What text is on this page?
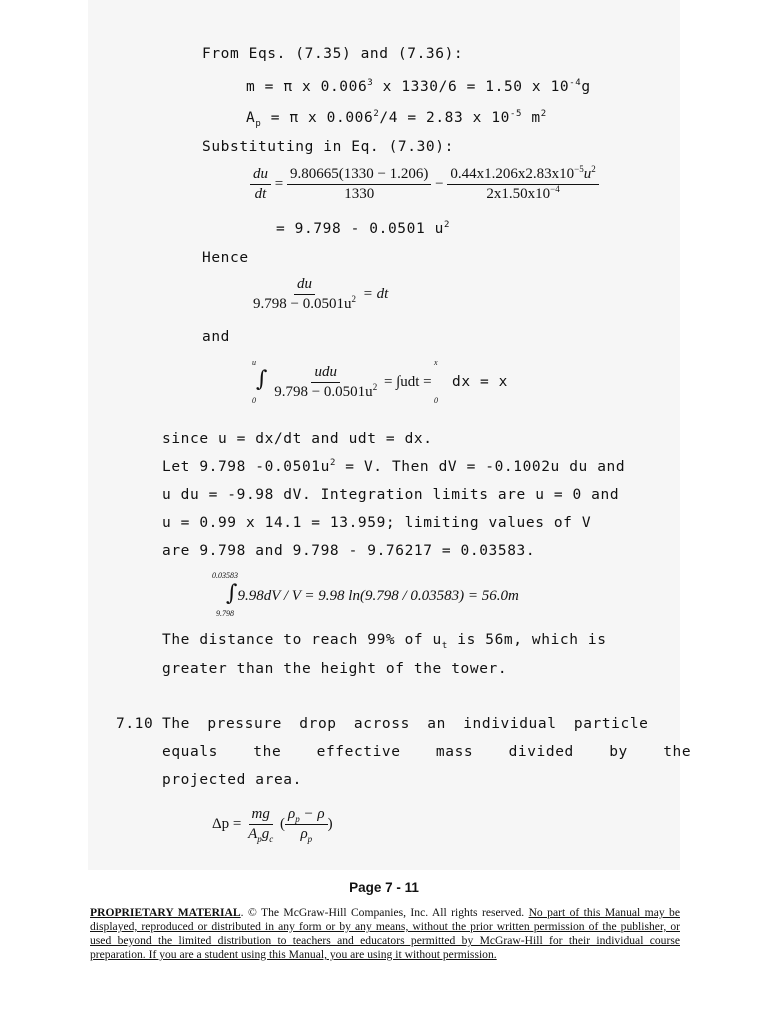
From Eqs. (7.35) and (7.36):
m = π x 0.006$^3$ x 1330/6 = 1.50 x $10^{-4}g$
$A_p = \pi$ x $0.006^2/4 = 2.83$ x $10^{-5}$ $m^2$
Substituting in Eq. (7.30):
$\frac{du}{dt} = \frac{9.80665(1330 - 1.206)}{1330} - \frac{0.44x1.206x2.83x10^{-5}u^2}{2x1.50x10^{-4}}$
= 9.798 - 0.0501 $u^2$
Hence
$\frac{du}{9.798 - 0.0501u^2}$ = dt
and
u
0
∫ $\frac{\text{udu}}{9.798 - 0.0501u^2} = \int udt$ =
x
0
dx = x
since u = dx/dt and udt = dx.
Let 9.798 $-0.0501u^2 = V$. Then dV = -0.1002u du and
u du = -9.98 dV. Integration limits are u = 0 and
u = 0.99 x 14.1 = 13.959; limiting values of V
are 9.798 and 9.798 - 9.76217 = 0.03583.
0.03583
9.798
∫9.98dV / V = 9.98 ln(9.798 / 0.03583) = 56.0m
The distance to reach 99% of $u_t$ is 56m, which is
greater than the height of the tower.
7.10 The pressure drop across an individual particle
equals the effective mass divided by the
projected area.
$\Delta p = \frac{mg}{A_pg_c}$ ( $\frac{\rho_p - \rho}{\rho_p}$ )
Page 7 - 11
PROPRIETARY MATERIAL. © The McGraw-Hill Companies, Inc. All rights reserved. No part of this Manual may be displayed, reproduced or distributed in any form or by any means, without the prior written permission of the publisher, or used beyond the limited distribution to teachers and educators permitted by McGraw-Hill for their individual course preparation. If you are a student using this Manual, you are using it without permission.
